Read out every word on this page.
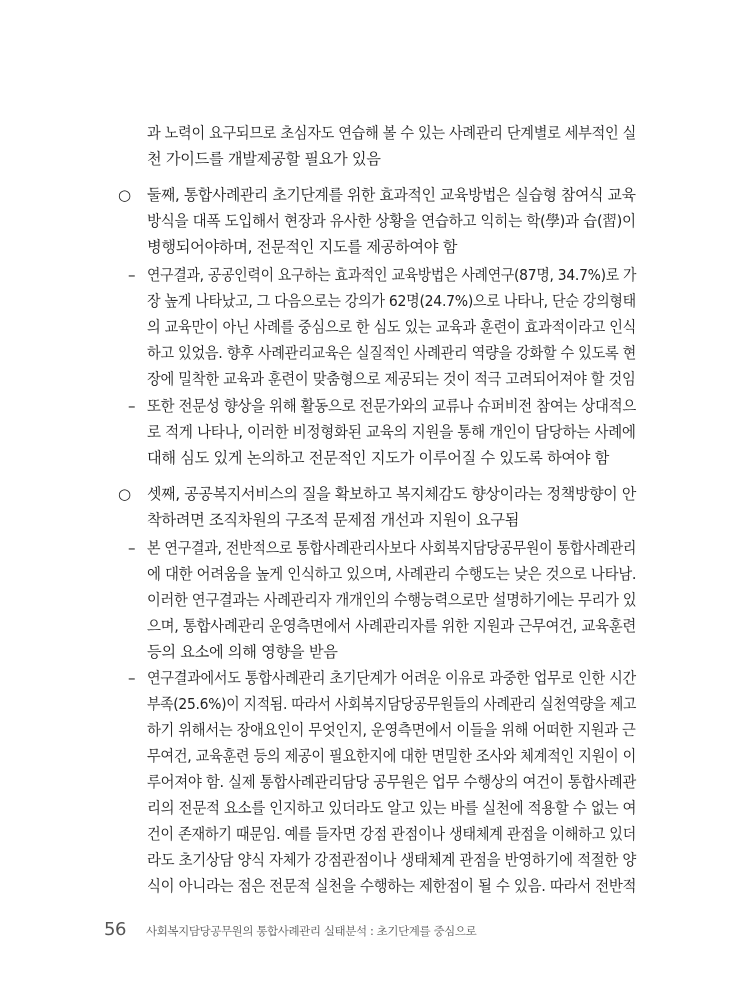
과 노력이 요구되므로 초심자도 연습해 볼 수 있는 사례관리 단계별로 세부적인 실
천 가이드를 개발제공할 필요가 있음
○ 둘째, 통합사례관리 초기단계를 위한 효과적인 교육방법은 실습형 참여식 교육
방식을 대폭 도입해서 현장과 유사한 상황을 연습하고 익히는 학(學)과 습(習)이
병행되어야하며, 전문적인 지도를 제공하여야 함
– 연구결과, 공공인력이 요구하는 효과적인 교육방법은 사례연구(87명, 34.7%)로 가
장 높게 나타났고, 그 다음으로는 강의가 62명(24.7%)으로 나타나, 단순 강의형태
의 교육만이 아닌 사례를 중심으로 한 심도 있는 교육과 훈련이 효과적이라고 인식
하고 있었음. 향후 사례관리교육은 실질적인 사례관리 역량을 강화할 수 있도록 현
장에 밀착한 교육과 훈련이 맞춤형으로 제공되는 것이 적극 고려되어져야 할 것임
– 또한 전문성 향상을 위해 활동으로 전문가와의 교류나 슈퍼비전 참여는 상대적으
로 적게 나타나, 이러한 비정형화된 교육의 지원을 통해 개인이 담당하는 사례에
대해 심도 있게 논의하고 전문적인 지도가 이루어질 수 있도록 하여야 함
○ 셋째, 공공복지서비스의 질을 확보하고 복지체감도 향상이라는 정책방향이 안
착하려면 조직차원의 구조적 문제점 개선과 지원이 요구됨
– 본 연구결과, 전반적으로 통합사례관리사보다 사회복지담당공무원이 통합사례관리
에 대한 어려움을 높게 인식하고 있으며, 사례관리 수행도는 낮은 것으로 나타남.
이러한 연구결과는 사례관리자 개개인의 수행능력으로만 설명하기에는 무리가 있
으며, 통합사례관리 운영측면에서 사례관리자를 위한 지원과 근무여건, 교육훈련
등의 요소에 의해 영향을 받음
– 연구결과에서도 통합사례관리 초기단계가 어려운 이유로 과중한 업무로 인한 시간
부족(25.6%)이 지적됨. 따라서 사회복지담당공무원들의 사례관리 실천역량을 제고
하기 위해서는 장애요인이 무엇인지, 운영측면에서 이들을 위해 어떠한 지원과 근
무여건, 교육훈련 등의 제공이 필요한지에 대한 면밀한 조사와 체계적인 지원이 이
루어져야 함. 실제 통합사례관리담당 공무원은 업무 수행상의 여건이 통합사례관
리의 전문적 요소를 인지하고 있더라도 알고 있는 바를 실천에 적용할 수 없는 여
건이 존재하기 때문임. 예를 들자면 강점 관점이나 생태체계 관점을 이해하고 있더
라도 초기상담 양식 자체가 강점관점이나 생태체계 관점을 반영하기에 적절한 양
식이 아니라는 점은 전문적 실천을 수행하는 제한점이 될 수 있음. 따라서 전반적
56 사회복지담당공무원의 통합사례관리 실태분석 : 초기단계를 중심으로
